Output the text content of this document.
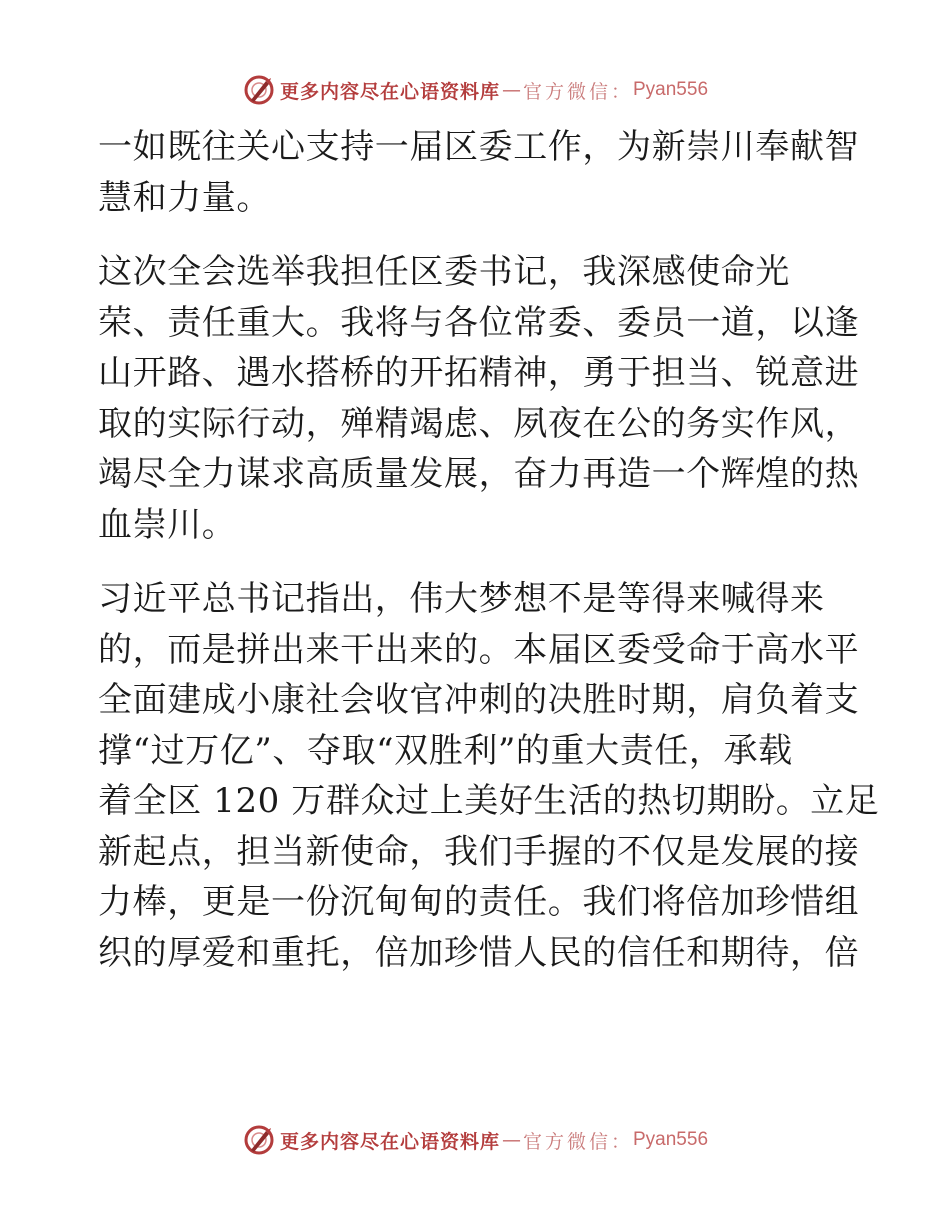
更多内容尽在心语资料库 — 官方微信： Pyan556

一如既往关心支持一届区委工作，为新崇川奉献智
慧和力量。

这次全会选举我担任区委书记，我深感使命光
荣、责任重大。我将与各位常委、委员一道，以逢
山开路、遇水搭桥的开拓精神，勇于担当、锐意进
取的实际行动，殚精竭虑、夙夜在公的务实作风，
竭尽全力谋求高质量发展，奋力再造一个辉煌的热
血崇川。

习近平总书记指出，伟大梦想不是等得来喊得来
的，而是拼出来干出来的。本届区委受命于高水平
全面建成小康社会收官冲刺的决胜时期，肩负着支
撑“过万亿”、夺取“双胜利”的重大责任，承载
着全区 120 万群众过上美好生活的热切期盼。立足
新起点，担当新使命，我们手握的不仅是发展的接
力棒，更是一份沉甸甸的责任。我们将倍加珍惜组
织的厚爱和重托，倍加珍惜人民的信任和期待，倍

更多内容尽在心语资料库 — 官方微信： Pyan556
